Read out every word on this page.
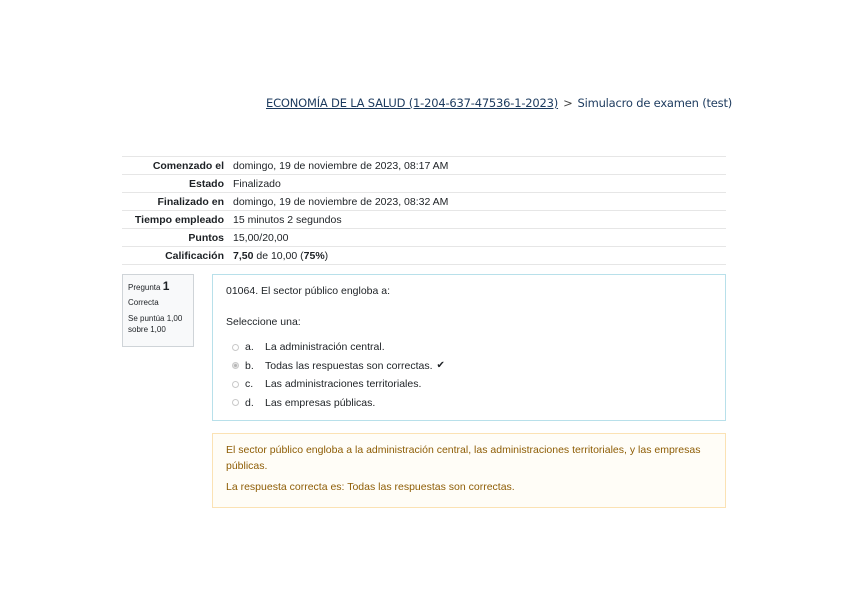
ECONOMÍA DE LA SALUD (1-204-637-47536-1-2023) > Simulacro de examen (test)
Comenzado el	domingo, 19 de noviembre de 2023, 08:17 AM
Estado	Finalizado
Finalizado en	domingo, 19 de noviembre de 2023, 08:32 AM
Tiempo empleado	15 minutos 2 segundos
Puntos	15,00/20,00
Calificación	7,50 de 10,00 (75%)
Pregunta 1
Correcta
Se puntúa 1,00 sobre 1,00
01064. El sector público engloba a:
Seleccione una:
a.	La administración central.
b.	Todas las respuestas son correctas. ✔
c.	Las administraciones territoriales.
d.	Las empresas públicas.
El sector público engloba a la administración central, las administraciones territoriales, y las empresas públicas.
La respuesta correcta es: Todas las respuestas son correctas.
